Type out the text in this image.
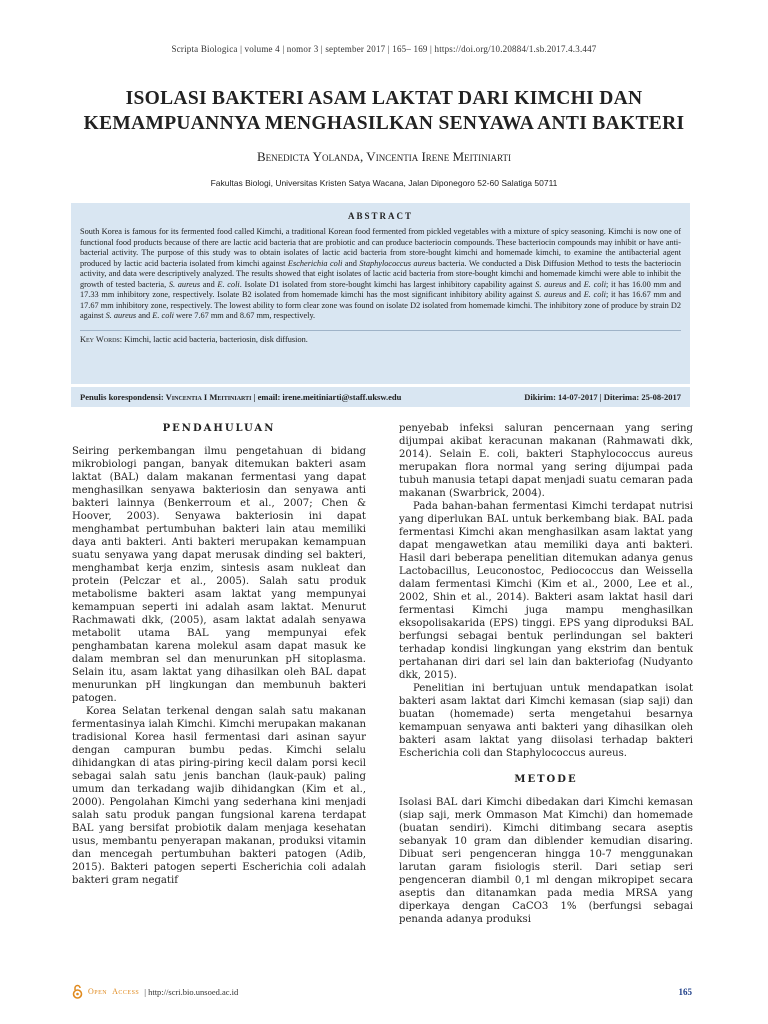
Scripta Biologica | volume 4 | nomor 3 | september 2017 | 165– 169 | https://doi.org/10.20884/1.sb.2017.4.3.447
ISOLASI BAKTERI ASAM LAKTAT DARI KIMCHI DAN KEMAMPUANNYA MENGHASILKAN SENYAWA ANTI BAKTERI
Benedicta Yolanda, Vincentia Irene Meitiniarti
Fakultas Biologi, Universitas Kristen Satya Wacana, Jalan Diponegoro 52-60 Salatiga 50711
ABSTRACT
South Korea is famous for its fermented food called Kimchi, a traditional Korean food fermented from pickled vegetables with a mixture of spicy seasoning. Kimchi is now one of functional food products because of there are lactic acid bacteria that are probiotic and can produce bacteriocin compounds. These bacteriocin compounds may inhibit or have anti-bacterial activity. The purpose of this study was to obtain isolates of lactic acid bacteria from store-bought kimchi and homemade kimchi, to examine the antibacterial agent produced by lactic acid bacteria isolated from kimchi against Escherichia coli and Staphylococcus aureus bacteria. We conducted a Disk Diffusion Method to tests the bacteriocin activity, and data were descriptively analyzed. The results showed that eight isolates of lactic acid bacteria from store-bought kimchi and homemade kimchi were able to inhibit the growth of tested bacteria, S. aureus and E. coli. Isolate D1 isolated from store-bought kimchi has largest inhibitory capability against S. aureus and E. coli; it has 16.00 mm and 17.33 mm inhibitory zone, respectively. Isolate B2 isolated from homemade kimchi has the most significant inhibitory ability against S. aureus and E. coli; it has 16.67 mm and 17.67 mm inhibitory zone, respectively. The lowest ability to form clear zone was found on isolate D2 isolated from homemade kimchi. The inhibitory zone of produce by strain D2 against S. aureus and E. coli were 7.67 mm and 8.67 mm, respectively.
Key Words: Kimchi, lactic acid bacteria, bacteriosin, disk diffusion.
Penulis korespondensi: Vincentia I Meitiniarti | email: irene.meitiniarti@staff.uksw.edu	Dikirim: 14-07-2017 | Diterima: 25-08-2017
PENDAHULUAN

Seiring perkembangan ilmu pengetahuan di bidang mikrobiologi pangan, banyak ditemukan bakteri asam laktat (BAL) dalam makanan fermentasi yang dapat menghasilkan senyawa bakteriosin dan senyawa anti bakteri lainnya (Benkerroum et al., 2007; Chen & Hoover, 2003). Senyawa bakteriosin ini dapat menghambat pertumbuhan bakteri lain atau memiliki daya anti bakteri. Anti bakteri merupakan kemampuan suatu senyawa yang dapat merusak dinding sel bakteri, menghambat kerja enzim, sintesis asam nukleat dan protein (Pelczar et al., 2005). Salah satu produk metabolisme bakteri asam laktat yang mempunyai kemampuan seperti ini adalah asam laktat. Menurut Rachmawati dkk, (2005), asam laktat adalah senyawa metabolit utama BAL yang mempunyai efek penghambatan karena molekul asam dapat masuk ke dalam membran sel dan menurunkan pH sitoplasma. Selain itu, asam laktat yang dihasilkan oleh BAL dapat menurunkan pH lingkungan dan membunuh bakteri patogen.

Korea Selatan terkenal dengan salah satu makanan fermentasinya ialah Kimchi. Kimchi merupakan makanan tradisional Korea hasil fermentasi dari asinan sayur dengan campuran bumbu pedas. Kimchi selalu dihidangkan di atas piring-piring kecil dalam porsi kecil sebagai salah satu jenis banchan (lauk-pauk) paling umum dan terkadang wajib dihidangkan (Kim et al., 2000). Pengolahan Kimchi yang sederhana kini menjadi salah satu produk pangan fungsional karena terdapat BAL yang bersifat probiotik dalam menjaga kesehatan usus, membantu penyerapan makanan, produksi vitamin dan mencegah pertumbuhan bakteri patogen (Adib, 2015). Bakteri patogen seperti Escherichia coli adalah bakteri gram negatif

penyebab infeksi saluran pencernaan yang sering dijumpai akibat keracunan makanan (Rahmawati dkk, 2014). Selain E. coli, bakteri Staphylococcus aureus merupakan flora normal yang sering dijumpai pada tubuh manusia tetapi dapat menjadi suatu cemaran pada makanan (Swarbrick, 2004).

Pada bahan-bahan fermentasi Kimchi terdapat nutrisi yang diperlukan BAL untuk berkembang biak. BAL pada fermentasi Kimchi akan menghasilkan asam laktat yang dapat mengawetkan atau memiliki daya anti bakteri. Hasil dari beberapa penelitian ditemukan adanya genus Lactobacillus, Leuconostoc, Pediococcus dan Weissella dalam fermentasi Kimchi (Kim et al., 2000, Lee et al., 2002, Shin et al., 2014). Bakteri asam laktat hasil dari fermentasi Kimchi juga mampu menghasilkan eksopolisakarida (EPS) tinggi. EPS yang diproduksi BAL berfungsi sebagai bentuk perlindungan sel bakteri terhadap kondisi lingkungan yang ekstrim dan bentuk pertahanan diri dari sel lain dan bakteriofag (Nudyanto dkk, 2015).

Penelitian ini bertujuan untuk mendapatkan isolat bakteri asam laktat dari Kimchi kemasan (siap saji) dan buatan (homemade) serta mengetahui besarnya kemampuan senyawa anti bakteri yang dihasilkan oleh bakteri asam laktat yang diisolasi terhadap bakteri Escherichia coli dan Staphylococcus aureus.

METODE

Isolasi BAL dari Kimchi dibedakan dari Kimchi kemasan (siap saji, merk Ommason Mat Kimchi) dan homemade (buatan sendiri). Kimchi ditimbang secara aseptis sebanyak 10 gram dan diblender kemudian disaring. Dibuat seri pengenceran hingga 10-7 menggunakan larutan garam fisiologis steril. Dari setiap seri pengenceran diambil 0,1 ml dengan mikropipet secara aseptis dan ditanamkan pada media MRSA yang diperkaya dengan CaCO3 1% (berfungsi sebagai penanda adanya produksi

Open Access | http://scri.bio.unsoed.ac.id	165
